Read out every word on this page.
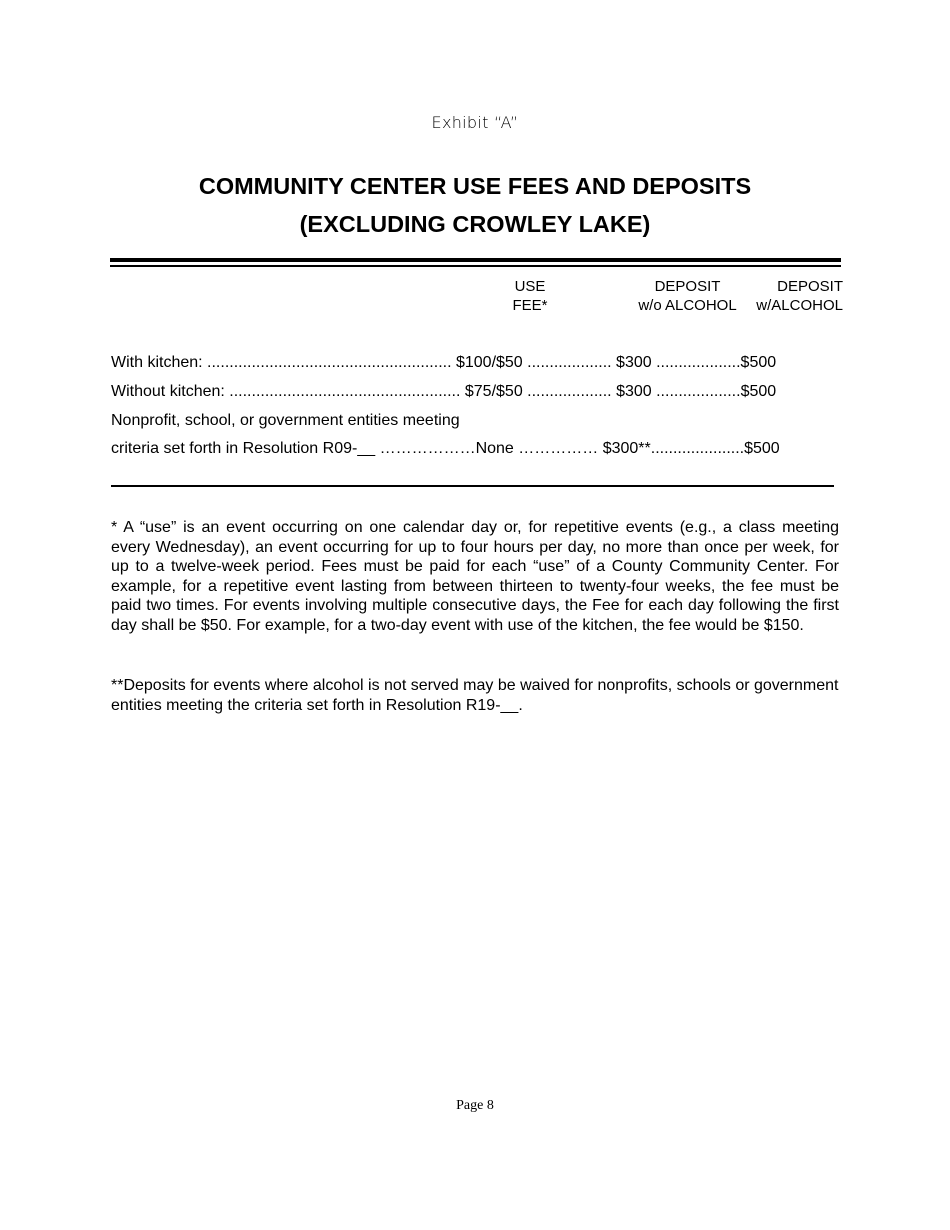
Exhibit “A”
COMMUNITY CENTER USE FEES AND DEPOSITS
(EXCLUDING CROWLEY LAKE)
USE
FEE*
DEPOSIT
w/o ALCOHOL
DEPOSIT
w/ALCOHOL
With kitchen: ....................................................... $100/$50 ................... $300 ...................$500
Without kitchen: .................................................... $75/$50 ................... $300 ...................$500
Nonprofit, school, or government entities meeting
criteria set forth in Resolution R09-__ ………………None …………… $300**.....................$500
* A “use” is an event occurring on one calendar day or, for repetitive events (e.g., a class meeting every Wednesday), an event occurring for up to four hours per day, no more than once per week, for up to a twelve-week period. Fees must be paid for each “use” of a County Community Center. For example, for a repetitive event lasting from between thirteen to twenty-four weeks, the fee must be paid two times. For events involving multiple consecutive days, the Fee for each day following the first day shall be $50. For example, for a two-day event with use of the kitchen, the fee would be $150.
**Deposits for events where alcohol is not served may be waived for nonprofits, schools or government entities meeting the criteria set forth in Resolution R19-__.
Page 8
